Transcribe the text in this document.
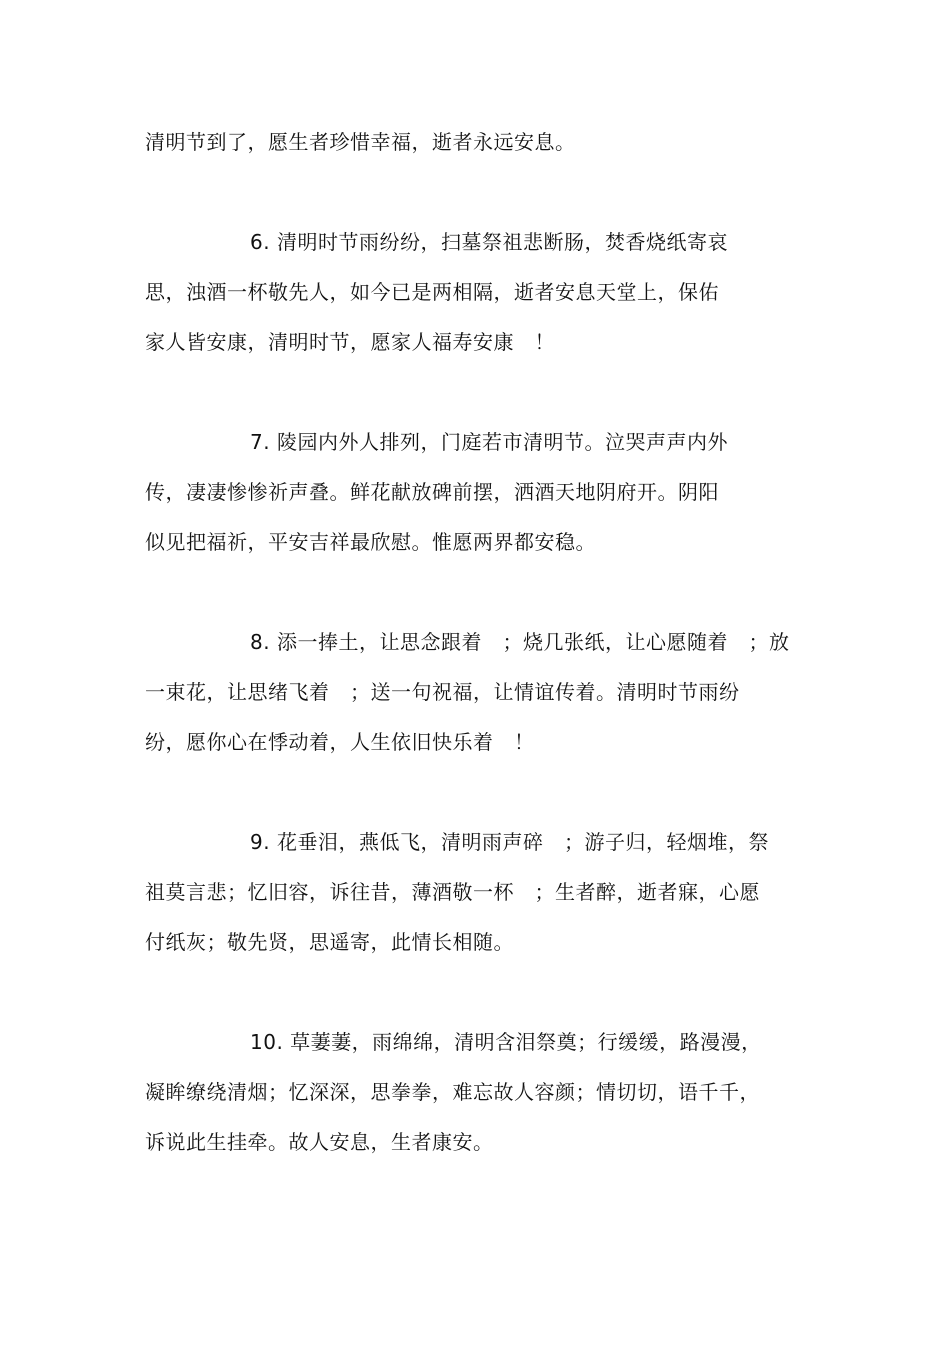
清明节到了，愿生者珍惜幸福，逝者永远安息。
6. 清明时节雨纷纷，扫墓祭祖悲断肠，焚香烧纸寄哀
思，浊酒一杯敬先人，如今已是两相隔，逝者安息天堂上，保佑
家人皆安康，清明时节，愿家人福寿安康　！
7. 陵园内外人排列，门庭若市清明节。泣哭声声内外
传，凄凄惨惨祈声叠。鲜花献放碑前摆，洒酒天地阴府开。阴阳
似见把福祈，平安吉祥最欣慰。惟愿两界都安稳。
8. 添一捧土，让思念跟着　；烧几张纸，让心愿随着　；放
一束花，让思绪飞着　；送一句祝福，让情谊传着。清明时节雨纷
纷，愿你心在悸动着，人生依旧快乐着　！
9. 花垂泪，燕低飞，清明雨声碎　；游子归，轻烟堆，祭
祖莫言悲；忆旧容，诉往昔，薄酒敬一杯　；生者醉，逝者寐，心愿
付纸灰；敬先贤，思遥寄，此情长相随。
10. 草萋萋，雨绵绵，清明含泪祭奠；行缓缓，路漫漫，
凝眸缭绕清烟；忆深深，思拳拳，难忘故人容颜；情切切，语千千，
诉说此生挂牵。故人安息，生者康安。
